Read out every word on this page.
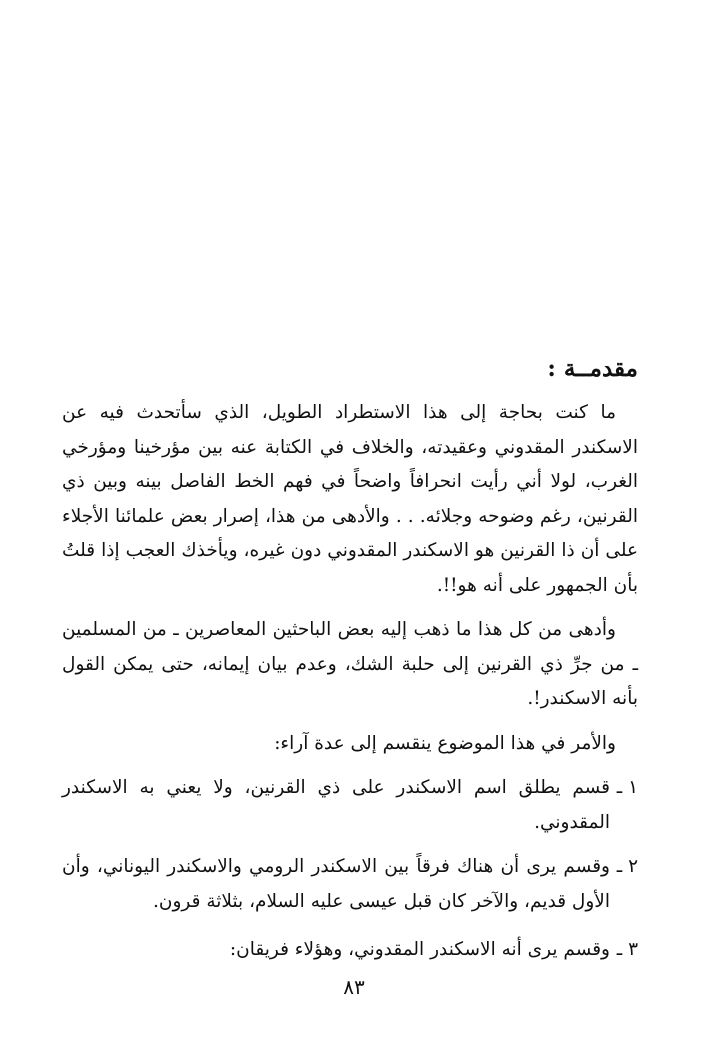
مقدمــة :

ما كنت بحاجة إلى هذا الاستطراد الطويل، الذي سأتحدث فيه عن الاسكندر المقدوني وعقيدته، والخلاف في الكتابة عنه بين مؤرخينا ومؤرخي الغرب، لولا أني رأيت انحرافاً واضحاً في فهم الخط الفاصل بينه وبين ذي القرنين، رغم وضوحه وجلائه. . . والأدهى من هذا، إصرار بعض علمائنا الأجلاء على أن ذا القرنين هو الاسكندر المقدوني دون غيره، ويأخذك العجب إذا قلتُ بأن الجمهور على أنه هو!!.

وأدهى من كل هذا ما ذهب إليه بعض الباحثين المعاصرين ـ من المسلمين ـ من جرِّ ذي القرنين إلى حلبة الشك، وعدم بيان إيمانه، حتى يمكن القول بأنه الاسكندر!.

والأمر في هذا الموضوع ينقسم إلى عدة آراء:

١ ـ
قسم يطلق اسم الاسكندر على ذي القرنين، ولا يعني به الاسكندر المقدوني.
٢ ـ
وقسم يرى أن هناك فرقاً بين الاسكندر الرومي والاسكندر اليوناني، وأن الأول قديم، والآخر كان قبل عيسى عليه السلام، بثلاثة قرون.
٣ ـ
وقسم يرى أنه الاسكندر المقدوني، وهؤلاء فريقان:
٨٣
